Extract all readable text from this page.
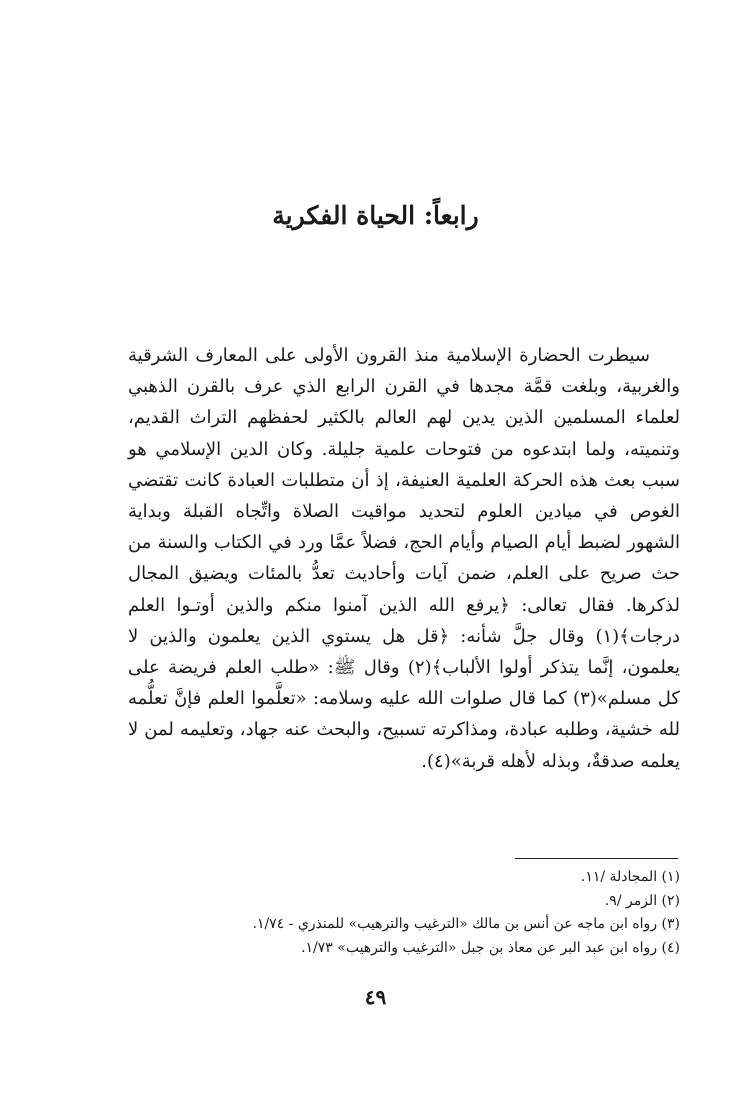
رابعاً: الحياة الفكرية

سيطرت الحضارة الإسلامية منذ القرون الأولى على المعارف الشرقية والغربية، وبلغت قمَّة مجدها في القرن الرابع الذي عرف بالقرن الذهبي لعلماء المسلمين الذين يدين لهم العالم بالكثير لحفظهم التراث القديم، وتنميته، ولما ابتدعوه من فتوحات علمية جليلة. وكان الدين الإسلامي هو سبب بعث هذه الحركة العلمية العنيفة، إذ أن متطلبات العبادة كانت تقتضي الغوص في ميادين العلوم لتحديد مواقيت الصلاة واتِّجاه القبلة وبداية الشهور لضبط أيام الصيام وأيام الحج، فضلاً عمَّا ورد في الكتاب والسنة من حث صريح على العلم، ضمن آيات وأحاديث تعدُّ بالمئات ويضيق المجال لذكرها. فقال تعالى: ﴿يرفع الله الذين آمنوا منكم والذين أوتـوا العلم درجات﴾(١) وقال جلَّ شأنه: ﴿قل هل يستوي الذين يعلمون والذين لا يعلمون، إنَّما يتذكر أولوا الألباب﴾(٢) وقال ﷺ: «طلب العلم فريضة على كل مسلم»(٣) كما قال صلوات الله عليه وسلامه: «تعلَّموا العلم فإنَّ تعلُّمه لله خشية، وطلبه عبادة، ومذاكرته تسبيح، والبحث عنه جهاد، وتعليمه لمن لا يعلمه صدقةٌ، وبذله لأهله قربة»(٤).

(١) المجادلة /١١.
(٢) الزمر /٩.
(٣) رواه ابن ماجه عن أنس بن مالك «الترغيب والترهيب» للمنذري - ١/٧٤.
(٤) رواه ابن عبد البر عن معاذ بن جبل «الترغيب والترهيب» ١/٧٣.
٤٩
